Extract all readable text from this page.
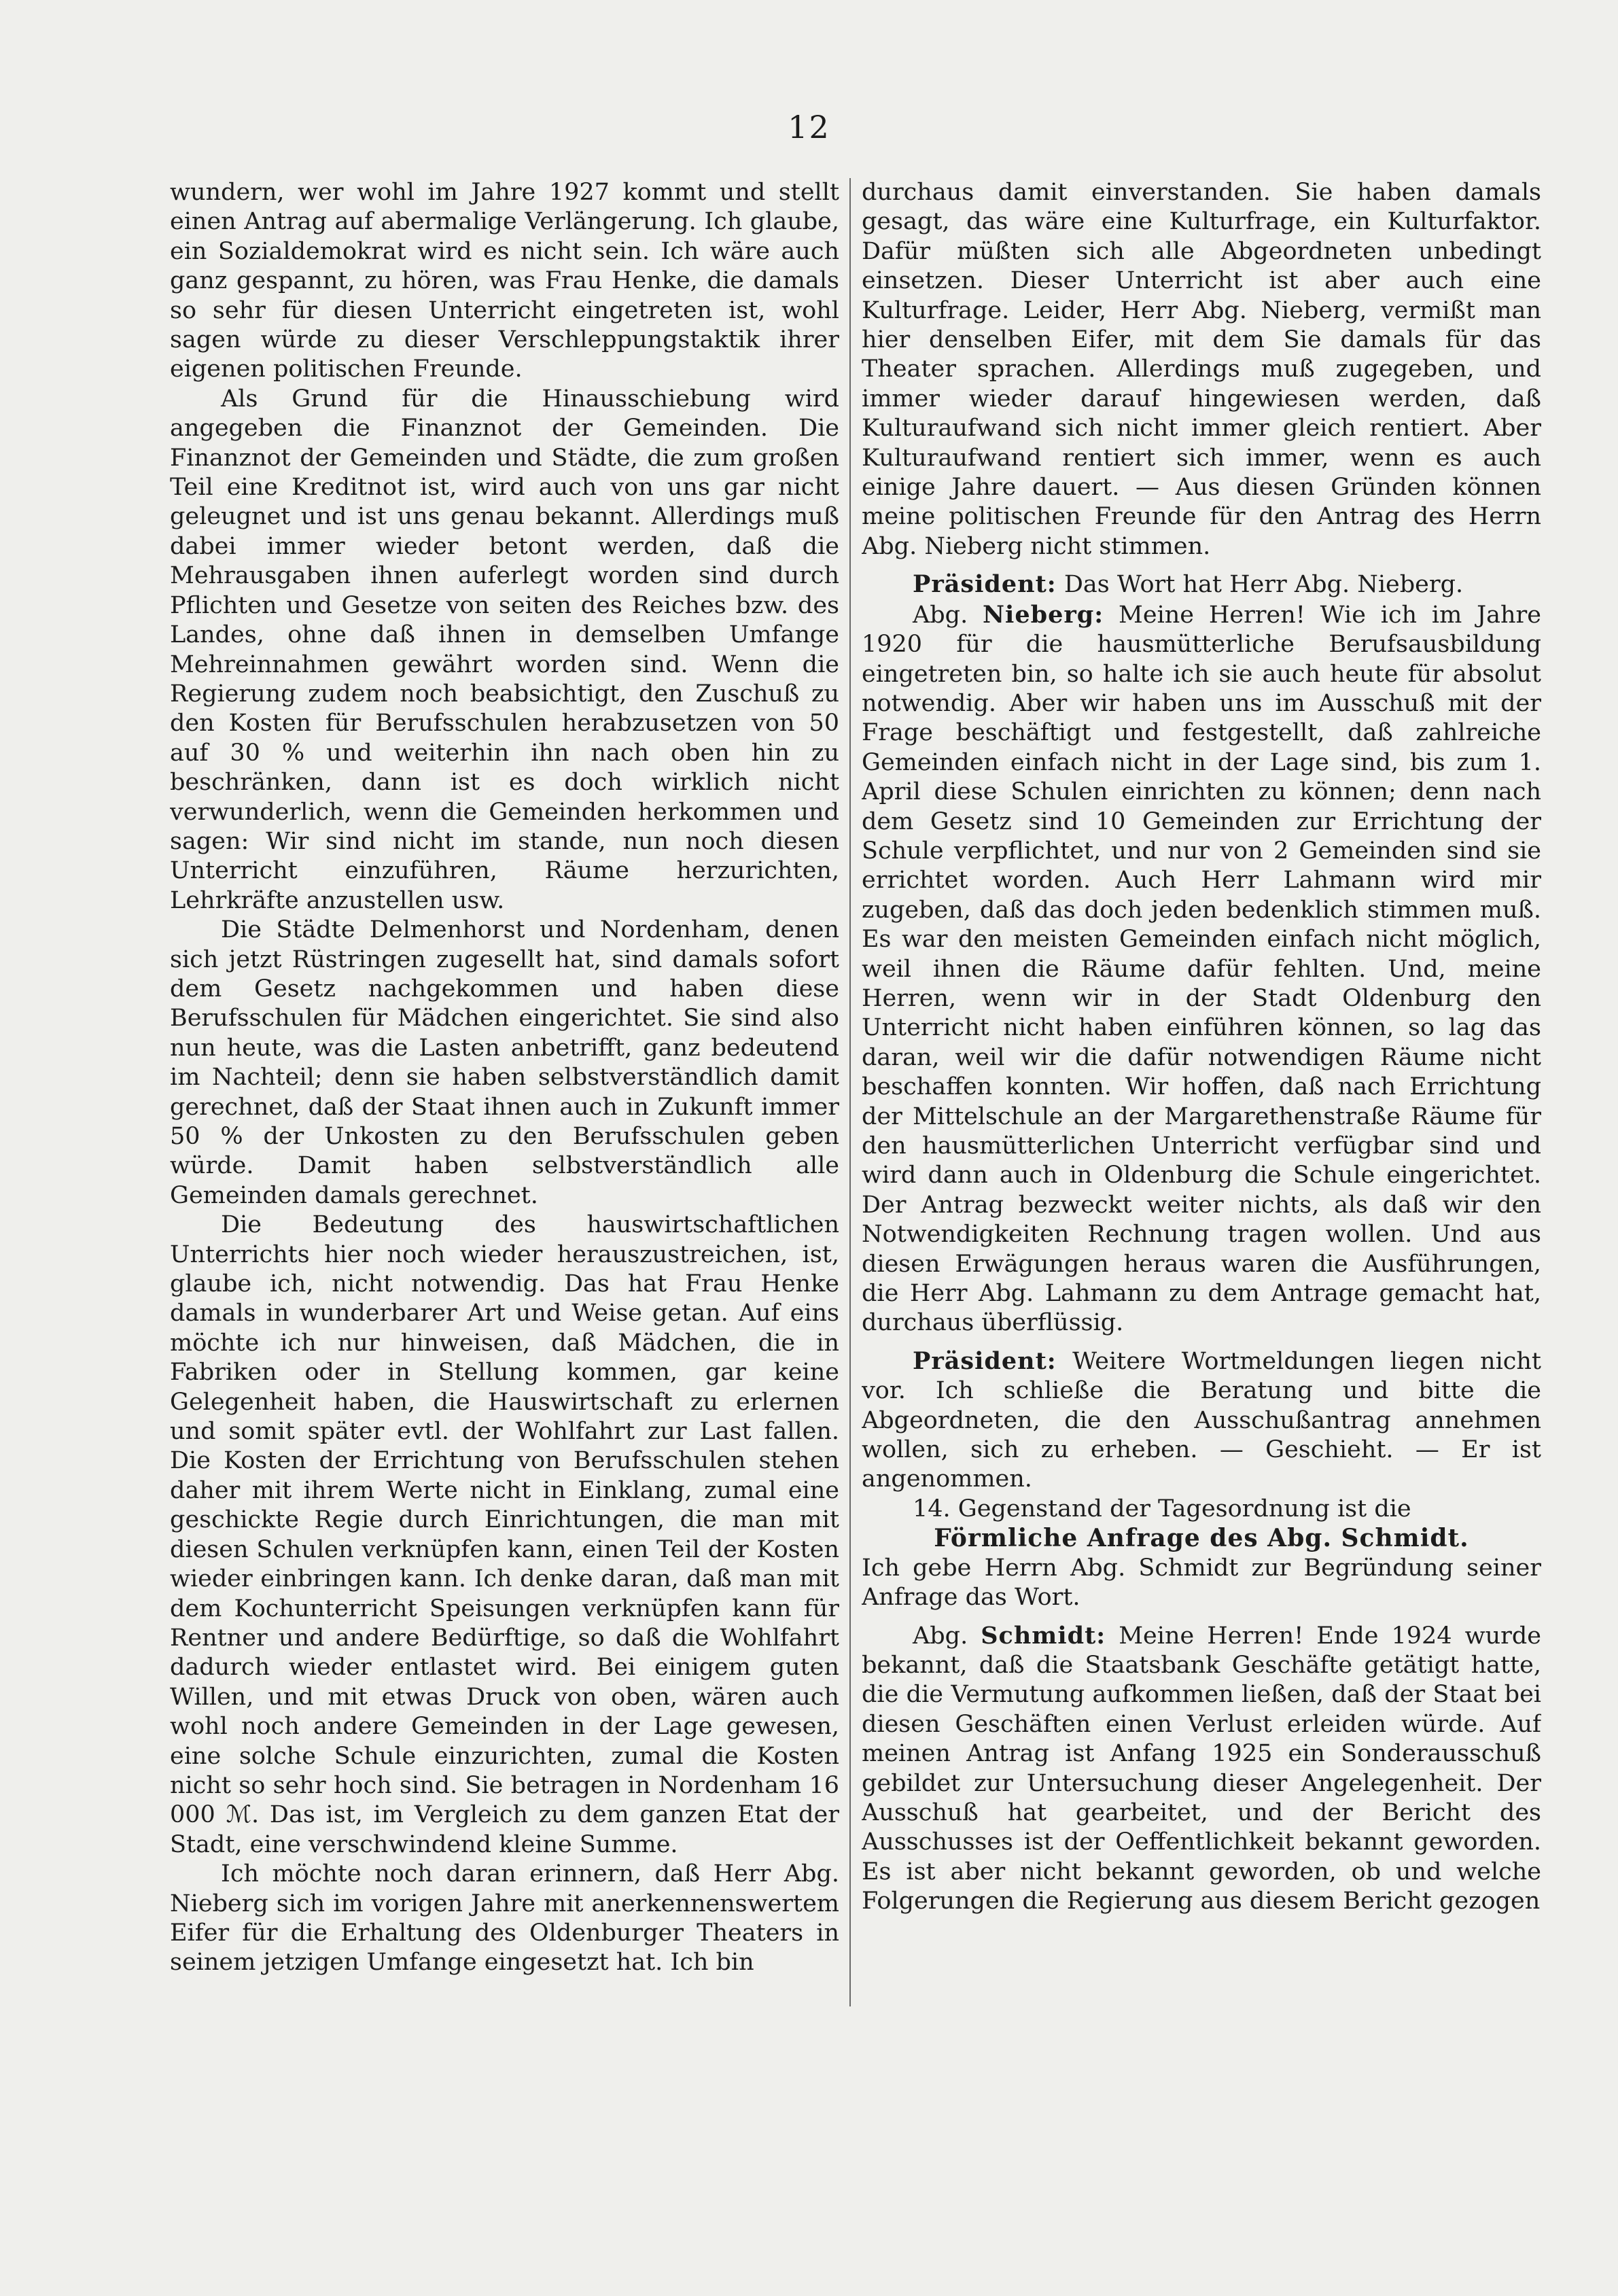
12

wundern, wer wohl im Jahre 1927 kommt und stellt einen Antrag auf abermalige Verlängerung. Ich glaube, ein Sozialdemokrat wird es nicht sein. Ich wäre auch ganz gespannt, zu hören, was Frau Henke, die damals so sehr für diesen Unterricht eingetreten ist, wohl sagen würde zu dieser Verschleppungstaktik ihrer eigenen politischen Freunde.

Als Grund für die Hinausschiebung wird angegeben die Finanznot der Gemeinden. Die Finanznot der Gemeinden und Städte, die zum großen Teil eine Kreditnot ist, wird auch von uns gar nicht geleugnet und ist uns genau bekannt. Allerdings muß dabei immer wieder betont werden, daß die Mehrausgaben ihnen auferlegt worden sind durch Pflichten und Gesetze von seiten des Reiches bzw. des Landes, ohne daß ihnen in demselben Umfange Mehreinnahmen gewährt worden sind. Wenn die Regierung zudem noch beabsichtigt, den Zuschuß zu den Kosten für Berufsschulen herabzusetzen von 50 auf 30 % und weiterhin ihn nach oben hin zu beschränken, dann ist es doch wirklich nicht verwunderlich, wenn die Gemeinden herkommen und sagen: Wir sind nicht im stande, nun noch diesen Unterricht einzuführen, Räume herzurichten, Lehrkräfte anzustellen usw.

Die Städte Delmenhorst und Nordenham, denen sich jetzt Rüstringen zugesellt hat, sind damals sofort dem Gesetz nachgekommen und haben diese Berufsschulen für Mädchen eingerichtet. Sie sind also nun heute, was die Lasten anbetrifft, ganz bedeutend im Nachteil; denn sie haben selbstverständlich damit gerechnet, daß der Staat ihnen auch in Zukunft immer 50 % der Unkosten zu den Berufsschulen geben würde. Damit haben selbstverständlich alle Gemeinden damals gerechnet.

Die Bedeutung des hauswirtschaftlichen Unterrichts hier noch wieder herauszustreichen, ist, glaube ich, nicht notwendig. Das hat Frau Henke damals in wunderbarer Art und Weise getan. Auf eins möchte ich nur hinweisen, daß Mädchen, die in Fabriken oder in Stellung kommen, gar keine Gelegenheit haben, die Hauswirtschaft zu erlernen und somit später evtl. der Wohlfahrt zur Last fallen. Die Kosten der Errichtung von Berufsschulen stehen daher mit ihrem Werte nicht in Einklang, zumal eine geschickte Regie durch Einrichtungen, die man mit diesen Schulen verknüpfen kann, einen Teil der Kosten wieder einbringen kann. Ich denke daran, daß man mit dem Kochunterricht Speisungen verknüpfen kann für Rentner und andere Bedürftige, so daß die Wohlfahrt dadurch wieder entlastet wird. Bei einigem guten Willen, und mit etwas Druck von oben, wären auch wohl noch andere Gemeinden in der Lage gewesen, eine solche Schule einzurichten, zumal die Kosten nicht so sehr hoch sind. Sie betragen in Nordenham 16 000 ℳ. Das ist, im Vergleich zu dem ganzen Etat der Stadt, eine verschwindend kleine Summe.

Ich möchte noch daran erinnern, daß Herr Abg. Nieberg sich im vorigen Jahre mit anerkennenswertem Eifer für die Erhaltung des Oldenburger Theaters in seinem jetzigen Umfange eingesetzt hat. Ich bin

durchaus damit einverstanden. Sie haben damals gesagt, das wäre eine Kulturfrage, ein Kulturfaktor. Dafür müßten sich alle Abgeordneten unbedingt einsetzen. Dieser Unterricht ist aber auch eine Kulturfrage. Leider, Herr Abg. Nieberg, vermißt man hier denselben Eifer, mit dem Sie damals für das Theater sprachen. Allerdings muß zugegeben, und immer wieder darauf hingewiesen werden, daß Kulturaufwand sich nicht immer gleich rentiert. Aber Kulturaufwand rentiert sich immer, wenn es auch einige Jahre dauert. — Aus diesen Gründen können meine politischen Freunde für den Antrag des Herrn Abg. Nieberg nicht stimmen.

Präsident: Das Wort hat Herr Abg. Nieberg.

Abg. Nieberg: Meine Herren! Wie ich im Jahre 1920 für die hausmütterliche Berufsausbildung eingetreten bin, so halte ich sie auch heute für absolut notwendig. Aber wir haben uns im Ausschuß mit der Frage beschäftigt und festgestellt, daß zahlreiche Gemeinden einfach nicht in der Lage sind, bis zum 1. April diese Schulen einrichten zu können; denn nach dem Gesetz sind 10 Gemeinden zur Errichtung der Schule verpflichtet, und nur von 2 Gemeinden sind sie errichtet worden. Auch Herr Lahmann wird mir zugeben, daß das doch jeden bedenklich stimmen muß. Es war den meisten Gemeinden einfach nicht möglich, weil ihnen die Räume dafür fehlten. Und, meine Herren, wenn wir in der Stadt Oldenburg den Unterricht nicht haben einführen können, so lag das daran, weil wir die dafür notwendigen Räume nicht beschaffen konnten. Wir hoffen, daß nach Errichtung der Mittelschule an der Margarethenstraße Räume für den hausmütterlichen Unterricht verfügbar sind und wird dann auch in Oldenburg die Schule eingerichtet. Der Antrag bezweckt weiter nichts, als daß wir den Notwendigkeiten Rechnung tragen wollen. Und aus diesen Erwägungen heraus waren die Ausführungen, die Herr Abg. Lahmann zu dem Antrage gemacht hat, durchaus überflüssig.

Präsident: Weitere Wortmeldungen liegen nicht vor. Ich schließe die Beratung und bitte die Abgeordneten, die den Ausschußantrag annehmen wollen, sich zu erheben. — Geschieht. — Er ist angenommen.

14. Gegenstand der Tagesordnung ist die

Förmliche Anfrage des Abg. Schmidt.

Ich gebe Herrn Abg. Schmidt zur Begründung seiner Anfrage das Wort.

Abg. Schmidt: Meine Herren! Ende 1924 wurde bekannt, daß die Staatsbank Geschäfte getätigt hatte, die die Vermutung aufkommen ließen, daß der Staat bei diesen Geschäften einen Verlust erleiden würde. Auf meinen Antrag ist Anfang 1925 ein Sonderausschuß gebildet zur Untersuchung dieser Angelegenheit. Der Ausschuß hat gearbeitet, und der Bericht des Ausschusses ist der Oeffentlichkeit bekannt geworden. Es ist aber nicht bekannt geworden, ob und welche Folgerungen die Regierung aus diesem Bericht gezogen
